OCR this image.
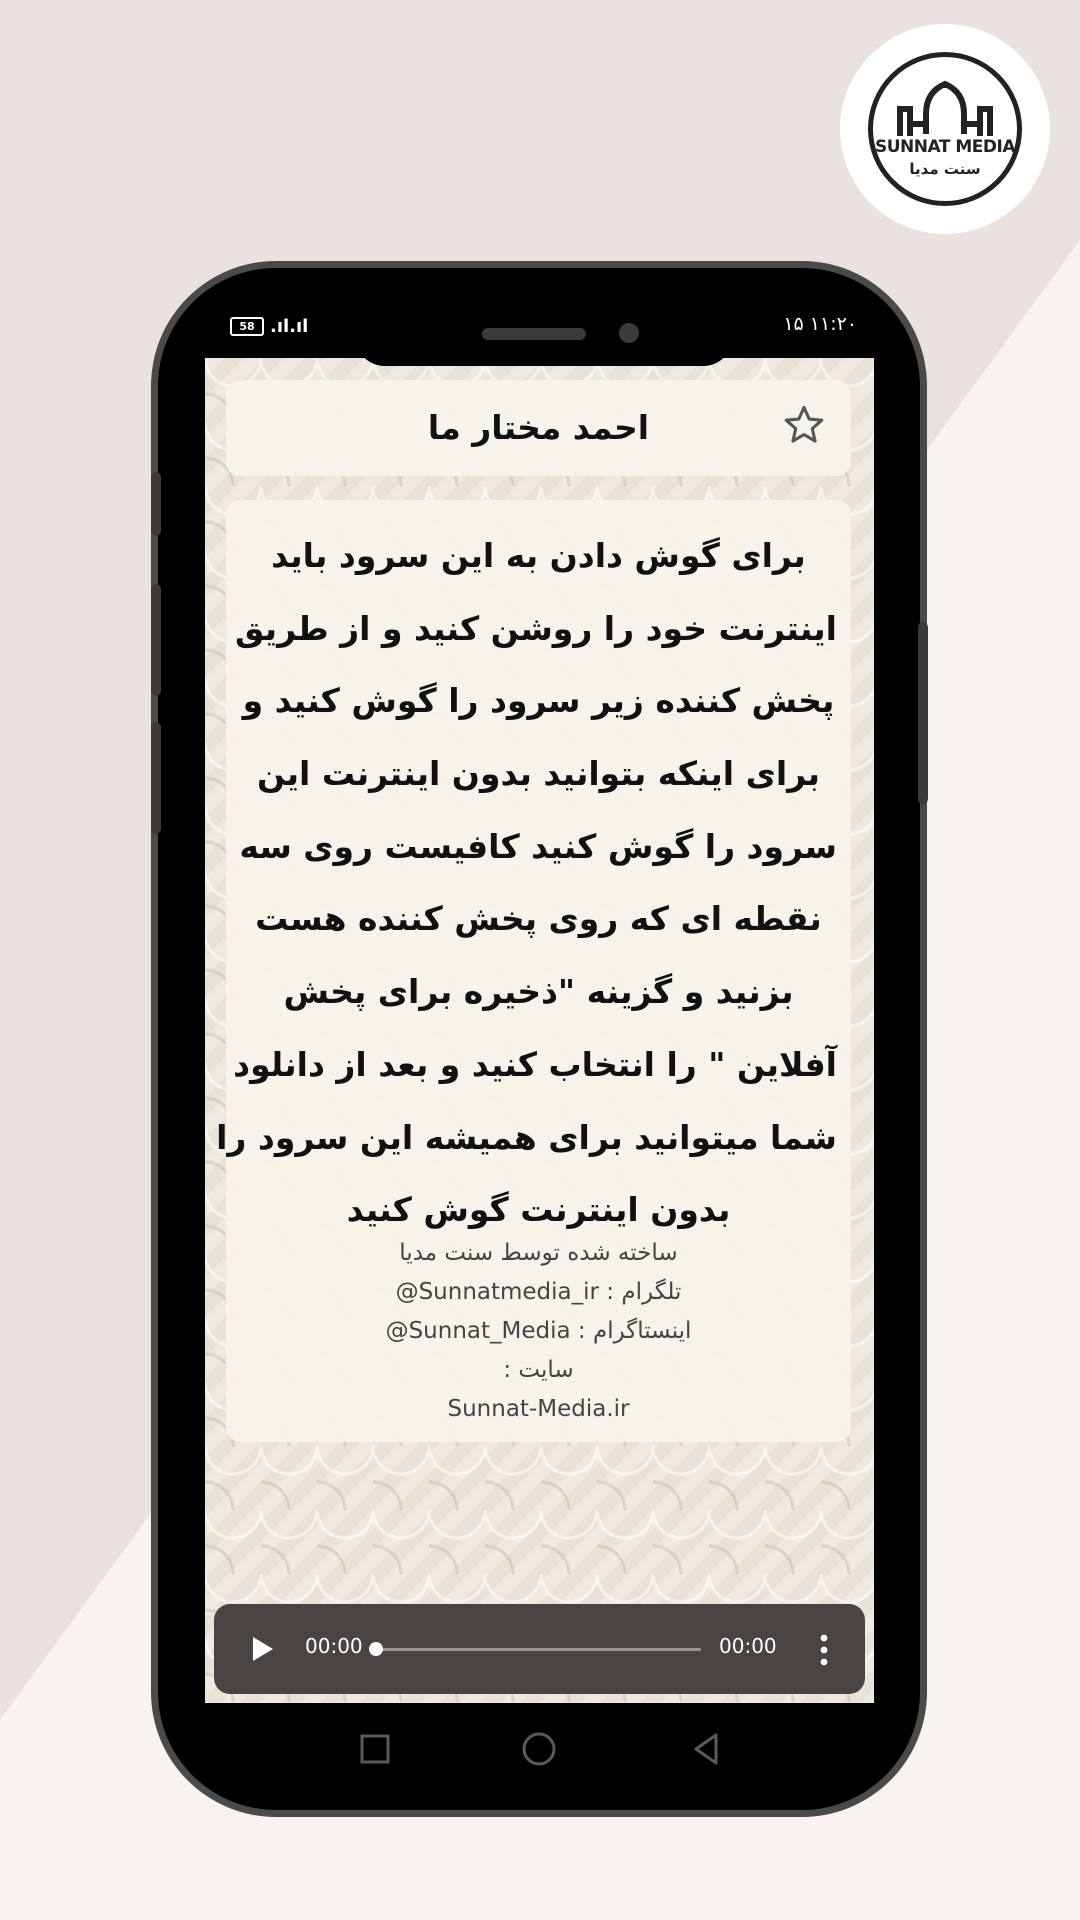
SUNNAT MEDIA
سنت مدیا
58 .ıl.ıl	۱۵ ۱۱:۲۰
احمد مختار ما
برای گوش دادن به این سرود باید
اینترنت خود را روشن کنید و از طریق
پخش کننده زیر سرود را گوش کنید و
برای اینکه بتوانید بدون اینترنت این
سرود را گوش کنید کافیست روی سه
نقطه ای که روی پخش کننده هست
بزنید و گزینه "ذخیره برای پخش
آفلاین " را انتخاب کنید و بعد از دانلود
شما میتوانید برای همیشه این سرود را
بدون اینترنت گوش کنید
ساخته شده توسط سنت مدیا
تلگرام : Sunnatmedia_ir@
اینستاگرام : Sunnat_Media@
سایت :
Sunnat-Media.ir
00:00	00:00
